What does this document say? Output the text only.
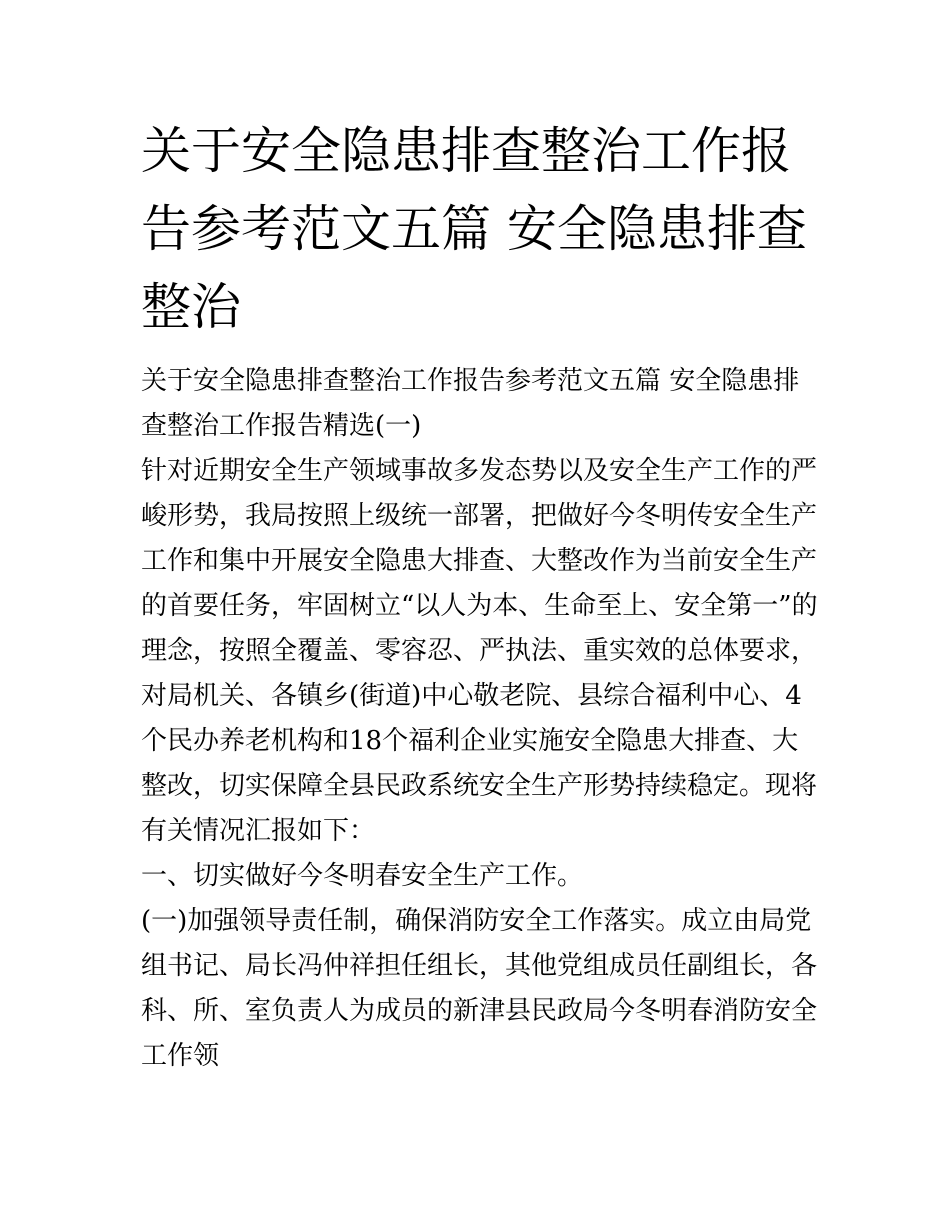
关于安全隐患排查整治工作报告参考范文五篇 安全隐患排查整治

关于安全隐患排查整治工作报告参考范文五篇 安全隐患排查整治工作报告精选(一)

针对近期安全生产领域事故多发态势以及安全生产工作的严峻形势，我局按照上级统一部署，把做好今冬明传安全生产工作和集中开展安全隐患大排查、大整改作为当前安全生产的首要任务，牢固树立“以人为本、生命至上、安全第一”的理念，按照全覆盖、零容忍、严执法、重实效的总体要求，对局机关、各镇乡(街道)中心敬老院、县综合福利中心、4个民办养老机构和18个福利企业实施安全隐患大排查、大整改，切实保障全县民政系统安全生产形势持续稳定。现将有关情况汇报如下：

一、切实做好今冬明春安全生产工作。

(一)加强领导责任制，确保消防安全工作落实。成立由局党组书记、局长冯仲祥担任组长，其他党组成员任副组长，各科、所、室负责人为成员的新津县民政局今冬明春消防安全工作领
